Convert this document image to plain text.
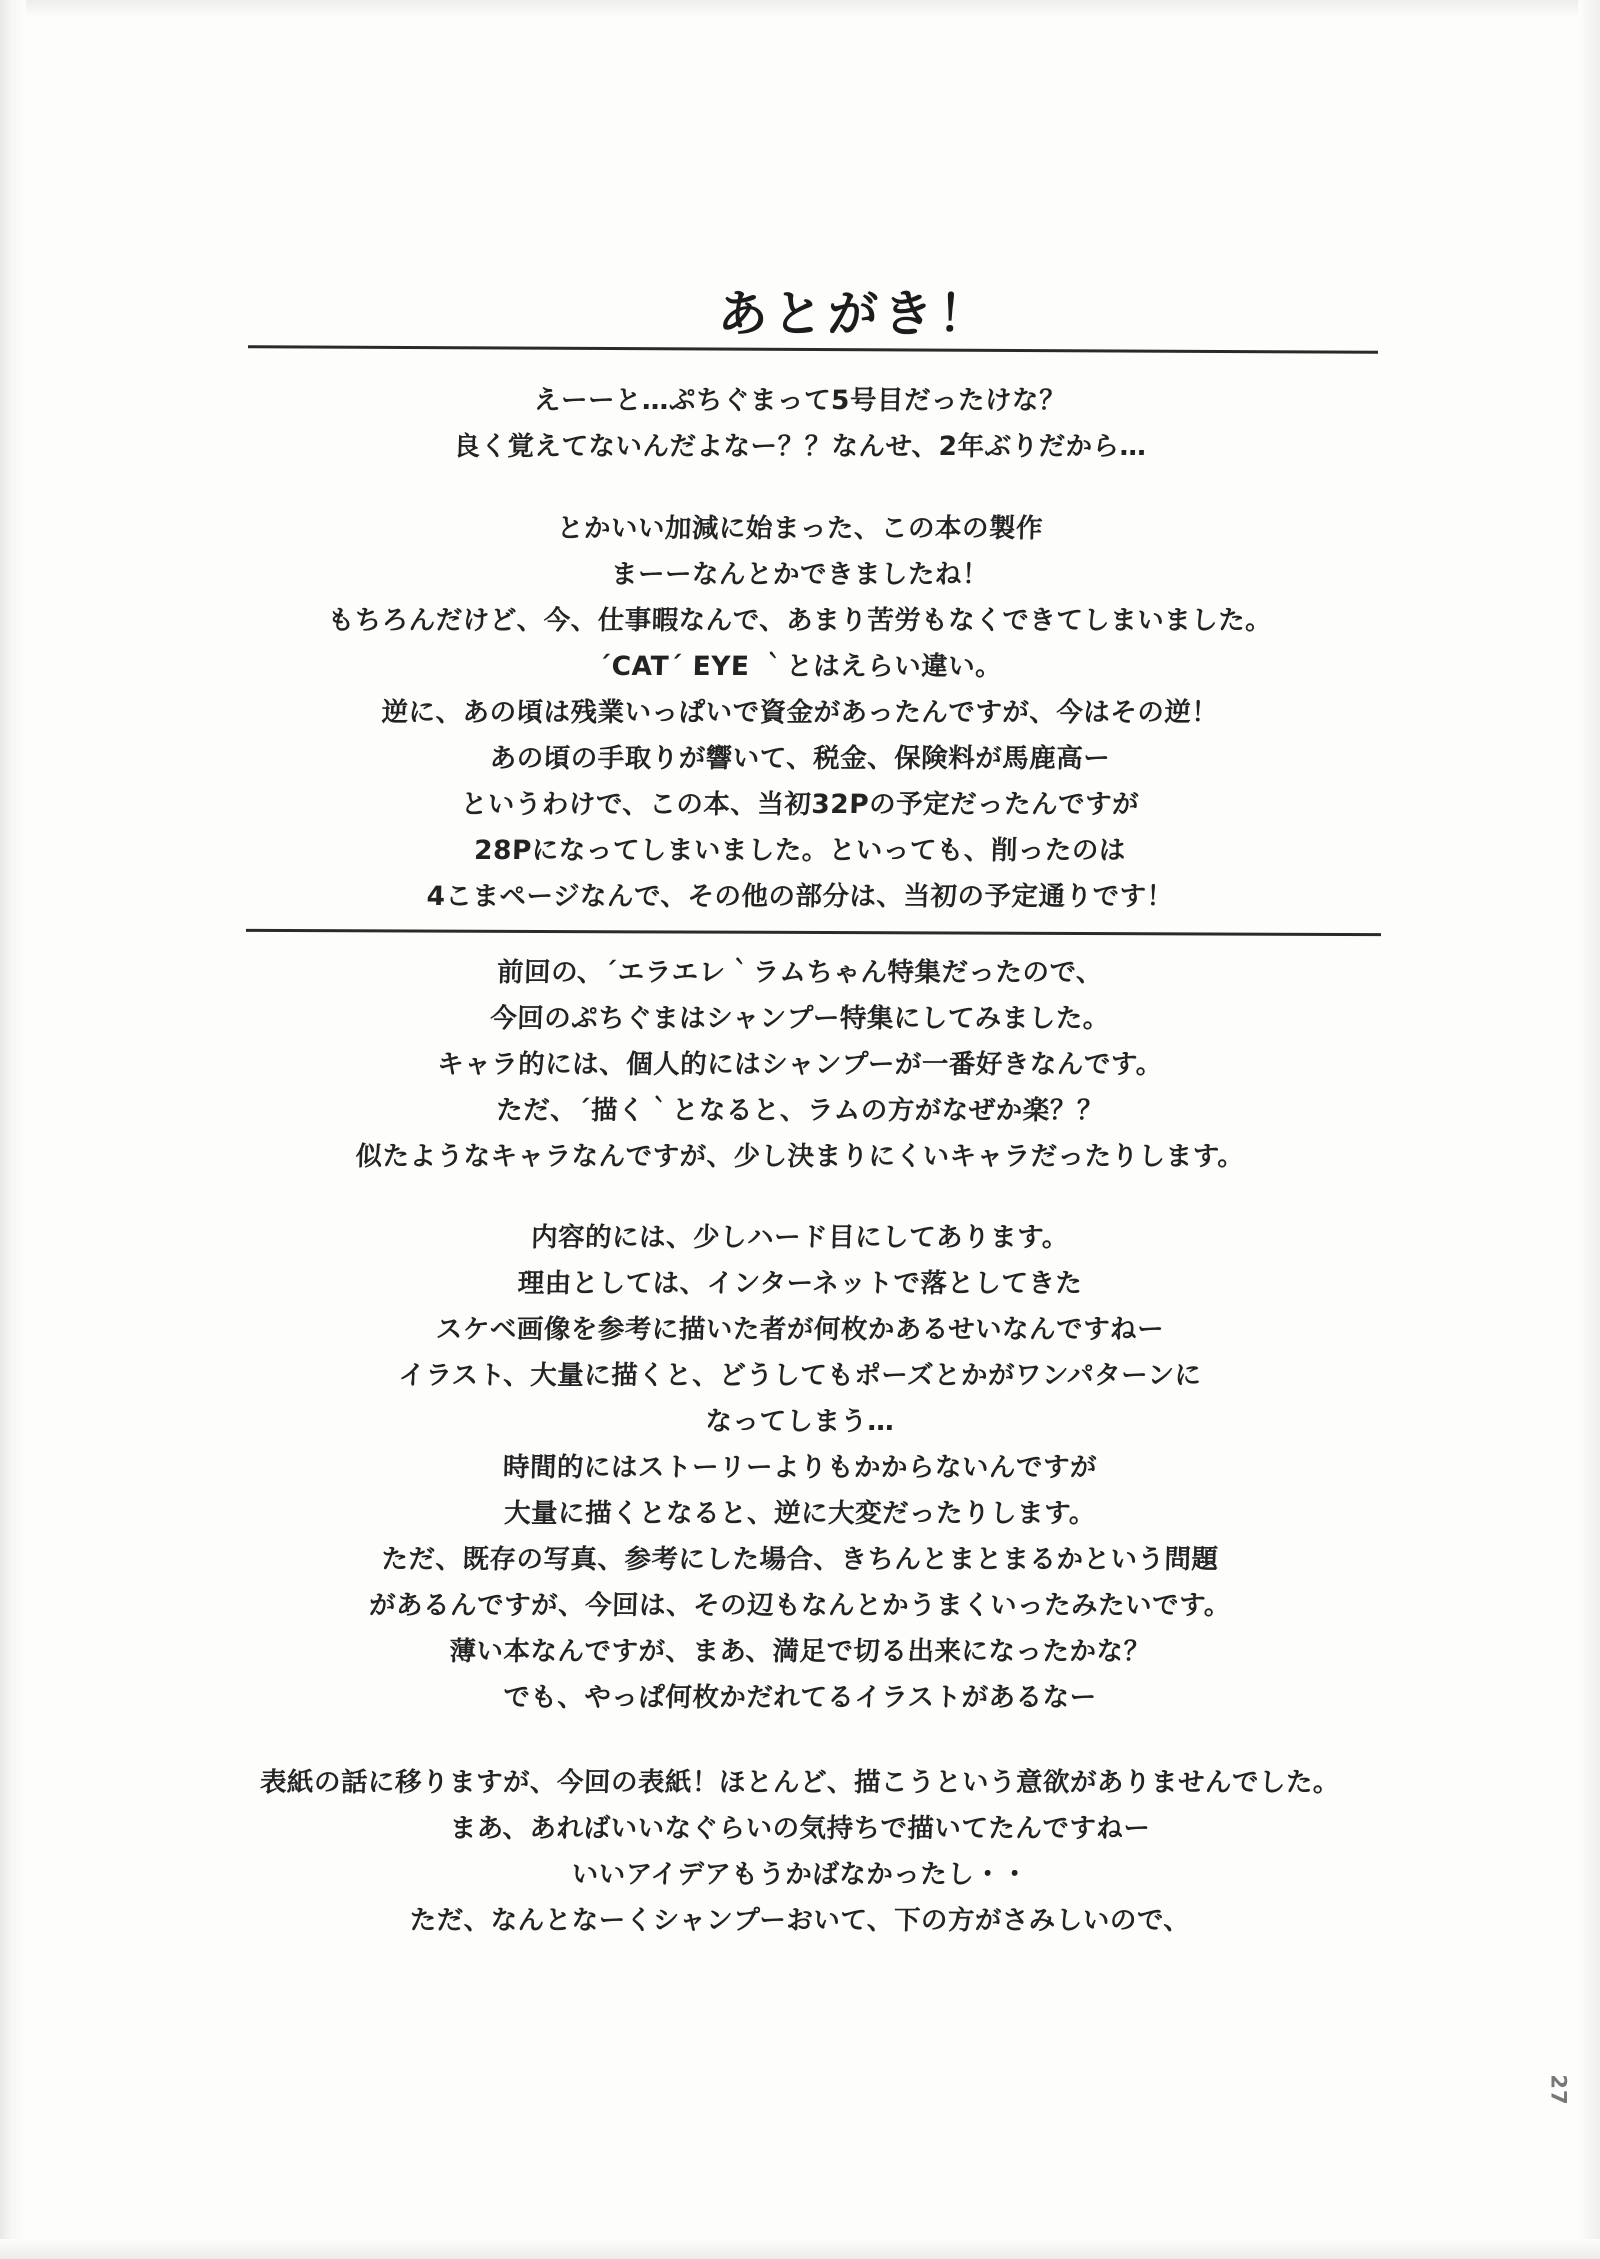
あとがき！
えーーと…ぷちぐまって5号目だったけな？
良く覚えてないんだよなー？？なんせ、2年ぶりだから…
とかいい加減に始まった、この本の製作
まーーなんとかできましたね！
もちろんだけど、今、仕事暇なんで、あまり苦労もなくできてしまいました。
´CAT´ EYE ｀とはえらい違い。
逆に、あの頃は残業いっぱいで資金があったんですが、今はその逆！
あの頃の手取りが響いて、税金、保険料が馬鹿高ー
というわけで、この本、当初32Pの予定だったんですが
28Pになってしまいました。といっても、削ったのは
4こまページなんで、その他の部分は、当初の予定通りです！
前回の、´エラエレ｀ラムちゃん特集だったので、
今回のぷちぐまはシャンプー特集にしてみました。
キャラ的には、個人的にはシャンプーが一番好きなんです。
ただ、´描く｀となると、ラムの方がなぜか楽？？
似たようなキャラなんですが、少し決まりにくいキャラだったりします。
内容的には、少しハード目にしてあります。
理由としては、インターネットで落としてきた
スケベ画像を参考に描いた者が何枚かあるせいなんですねー
イラスト、大量に描くと、どうしてもポーズとかがワンパターンに
なってしまう…
時間的にはストーリーよりもかからないんですが
大量に描くとなると、逆に大変だったりします。
ただ、既存の写真、参考にした場合、きちんとまとまるかという問題
があるんですが、今回は、その辺もなんとかうまくいったみたいです。
薄い本なんですが、まあ、満足で切る出来になったかな？
でも、やっぱ何枚かだれてるイラストがあるなー
表紙の話に移りますが、今回の表紙！ほとんど、描こうという意欲がありませんでした。
まあ、あればいいなぐらいの気持ちで描いてたんですねー
いいアイデアもうかばなかったし・・
ただ、なんとなーくシャンプーおいて、下の方がさみしいので、
27
